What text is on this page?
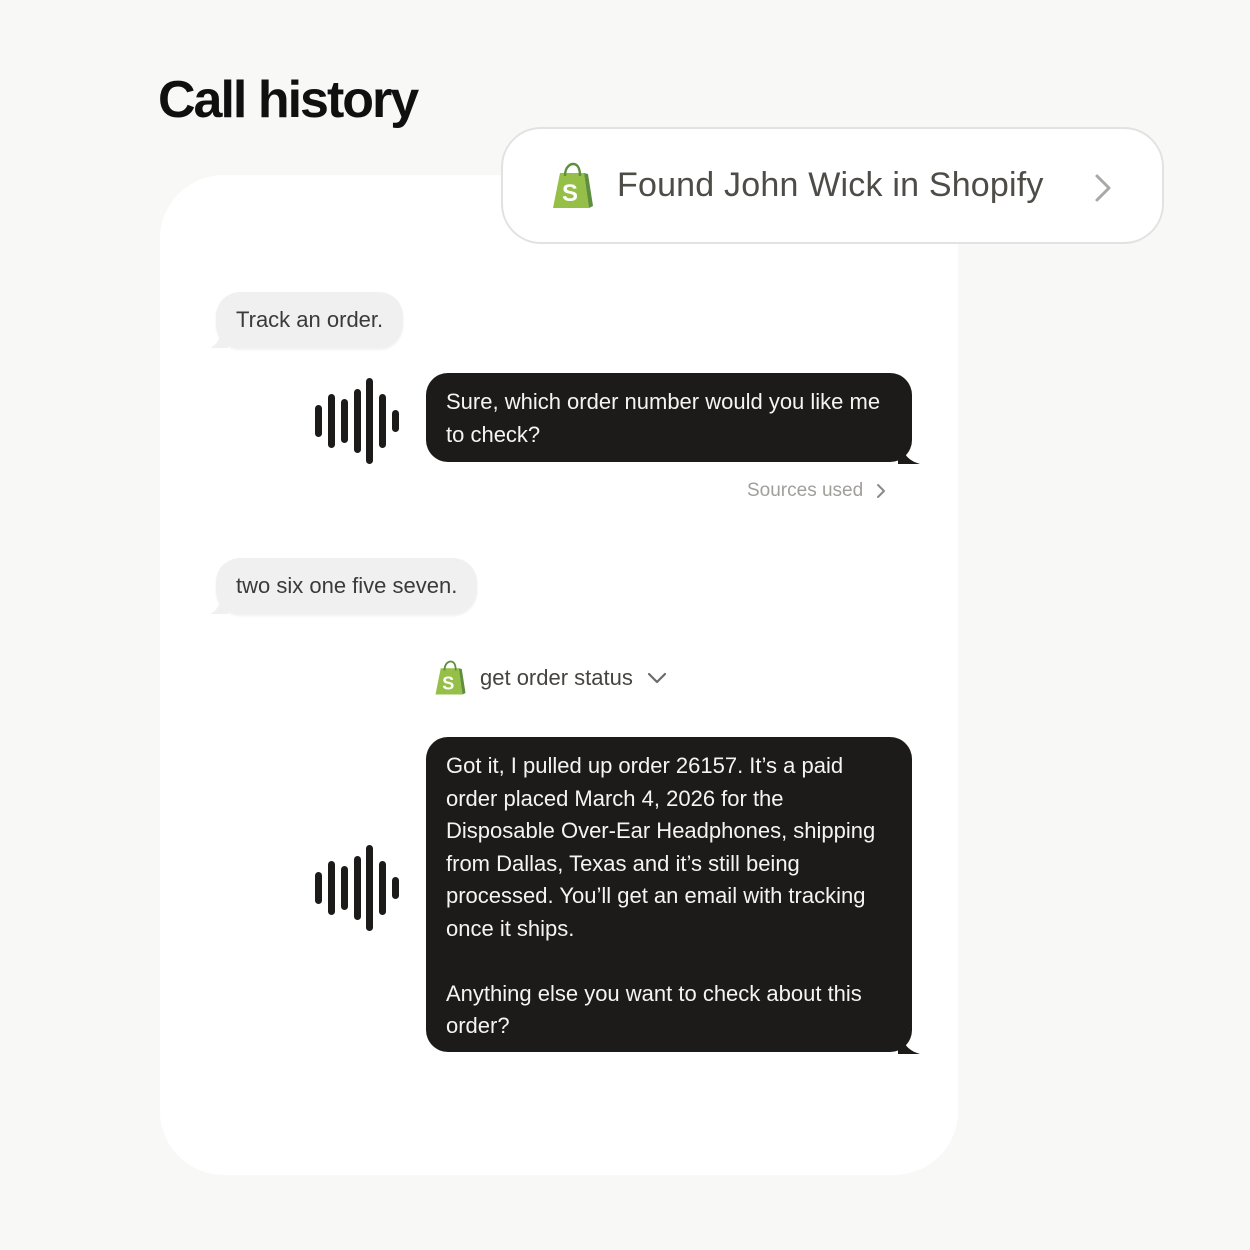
Call history
S Found John Wick in Shopify
Track an order.

Sure, which order number would you like me to check?

Sources used
two six one five seven.
S get order status

Got it, I pulled up order 26157. It’s a paid order placed March 4, 2026 for the Disposable Over-Ear Headphones, shipping from Dallas, Texas and it’s still being processed. You’ll get an email with tracking once it ships.

Anything else you want to check about this order?
